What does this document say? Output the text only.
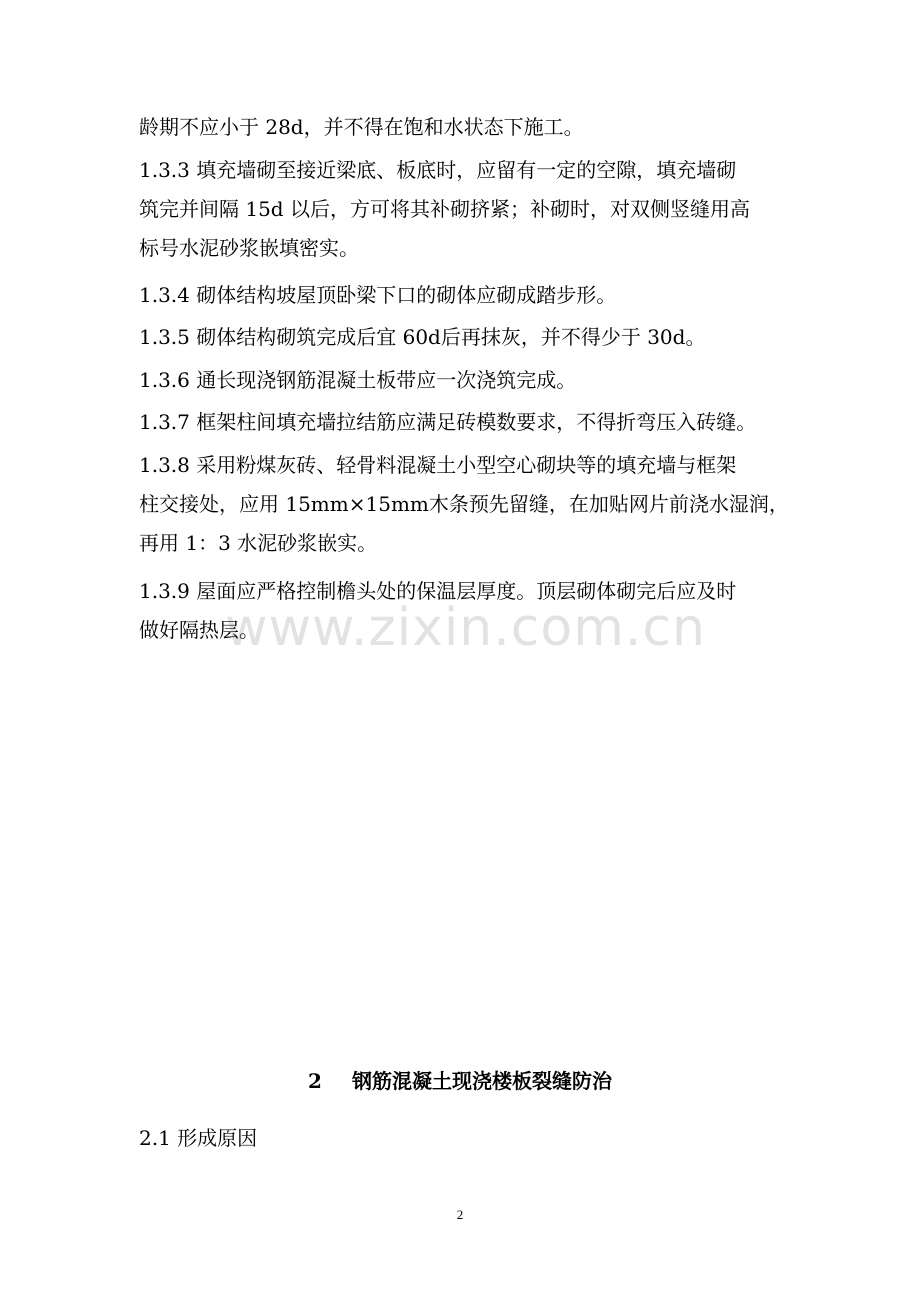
www.zixin.com.cn

龄期不应小于 28d，并不得在饱和水状态下施工。

1.3.3 填充墙砌至接近梁底、板底时，应留有一定的空隙，填充墙砌
筑完并间隔 15d 以后，方可将其补砌挤紧；补砌时，对双侧竖缝用高
标号水泥砂浆嵌填密实。

1.3.4 砌体结构坡屋顶卧梁下口的砌体应砌成踏步形。

1.3.5 砌体结构砌筑完成后宜 60d后再抹灰，并不得少于 30d。

1.3.6 通长现浇钢筋混凝土板带应一次浇筑完成。

1.3.7 框架柱间填充墙拉结筋应满足砖模数要求，不得折弯压入砖缝。

1.3.8 采用粉煤灰砖、轻骨料混凝土小型空心砌块等的填充墙与框架
柱交接处，应用 15mm×15mm木条预先留缝，在加贴网片前浇水湿润，
再用 1：3 水泥砂浆嵌实。

1.3.9 屋面应严格控制檐头处的保温层厚度。顶层砌体砌完后应及时
做好隔热层。

2 钢筋混凝土现浇楼板裂缝防治
2.1 形成原因
2
